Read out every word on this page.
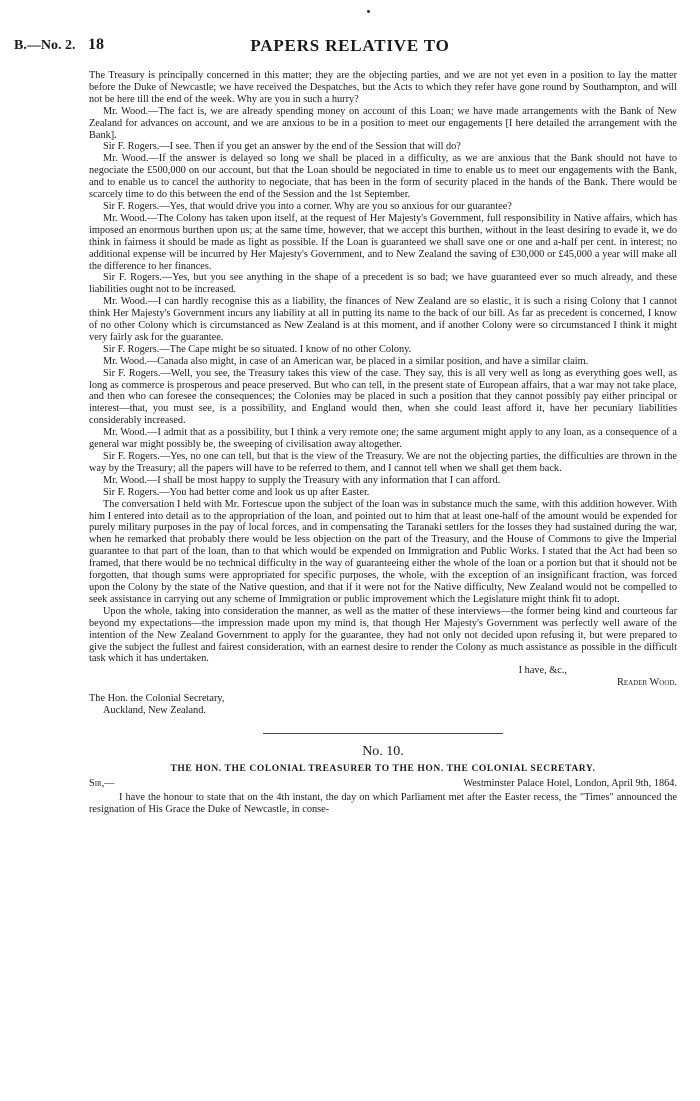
B.—No. 2. 18	PAPERS RELATIVE TO

The Treasury is principally concerned in this matter; they are the objecting parties, and we are not yet even in a position to lay the matter before the Duke of Newcastle; we have received the Despatches, but the Acts to which they refer have gone round by Southampton, and will not be here till the end of the week. Why are you in such a hurry?

Mr. Wood.—The fact is, we are already spending money on account of this Loan; we have made arrangements with the Bank of New Zealand for advances on account, and we are anxious to be in a position to meet our engagements [I here detailed the arrangement with the Bank].

Sir F. Rogers.—I see. Then if you get an answer by the end of the Session that will do?

Mr. Wood.—If the answer is delayed so long we shall be placed in a difficulty, as we are anxious that the Bank should not have to negociate the £500,000 on our account, but that the Loan should be negociated in time to enable us to meet our engagements with the Bank, and to enable us to cancel the authority to negociate, that has been in the form of security placed in the hands of the Bank. There would be scarcely time to do this between the end of the Session and the 1st September.

Sir F. Rogers.—Yes, that would drive you into a corner. Why are you so anxious for our guarantee?

Mr. Wood.—The Colony has taken upon itself, at the request of Her Majesty's Government, full responsibility in Native affairs, which has imposed an enormous burthen upon us; at the same time, however, that we accept this burthen, without in the least desiring to evade it, we do think in fairness it should be made as light as possible. If the Loan is guaranteed we shall save one or one and a-half per cent. in interest; no additional expense will be incurred by Her Majesty's Government, and to New Zealand the saving of £30,000 or £45,000 a year will make all the difference to her finances.

Sir F. Rogers.—Yes, but you see anything in the shape of a precedent is so bad; we have guaranteed ever so much already, and these liabilities ought not to be increased.

Mr. Wood.—I can hardly recognise this as a liability, the finances of New Zealand are so elastic, it is such a rising Colony that I cannot think Her Majesty's Government incurs any liability at all in putting its name to the back of our bill. As far as precedent is concerned, I know of no other Colony which is circumstanced as New Zealand is at this moment, and if another Colony were so circumstanced I think it might very fairly ask for the guarantee.

Sir F. Rogers.—The Cape might be so situated. I know of no other Colony.

Mr. Wood.—Canada also might, in case of an American war, be placed in a similar position, and have a similar claim.

Sir F. Rogers.—Well, you see, the Treasury takes this view of the case. They say, this is all very well as long as everything goes well, as long as commerce is prosperous and peace preserved. But who can tell, in the present state of European affairs, that a war may not take place, and then who can foresee the consequences; the Colonies may be placed in such a position that they cannot possibly pay either principal or interest—that, you must see, is a possibility, and England would then, when she could least afford it, have her pecuniary liabilities considerably increased.

Mr. Wood.—I admit that as a possibility, but I think a very remote one; the same argument might apply to any loan, as a consequence of a general war might possibly be, the sweeping of civilisation away altogether.

Sir F. Rogers.—Yes, no one can tell, but that is the view of the Treasury. We are not the objecting parties, the difficulties are thrown in the way by the Treasury; all the papers will have to be referred to them, and I cannot tell when we shall get them back.

Mr. Wood.—I shall be most happy to supply the Treasury with any information that I can afford.

Sir F. Rogers.—You had better come and look us up after Easter.

The conversation I held with Mr. Fortescue upon the subject of the loan was in substance much the same, with this addition however. With him I entered into detail as to the appropriation of the loan, and pointed out to him that at least one-half of the amount would be expended for purely military purposes in the pay of local forces, and in compensating the Taranaki settlers for the losses they had sustained during the war, when he remarked that probably there would be less objection on the part of the Treasury, and the House of Commons to give the Imperial guarantee to that part of the loan, than to that which would be expended on Immigration and Public Works. I stated that the Act had been so framed, that there would be no technical difficulty in the way of guaranteeing either the whole of the loan or a portion but that it should not be forgotten, that though sums were appropriated for specific purposes, the whole, with the exception of an insignificant fraction, was forced upon the Colony by the state of the Native question, and that if it were not for the Native difficulty, New Zealand would not be compelled to seek assistance in carrying out any scheme of Immigration or public improvement which the Legislature might think fit to adopt.

Upon the whole, taking into consideration the manner, as well as the matter of these interviews—the former being kind and courteous far beyond my expectations—the impression made upon my mind is, that though Her Majesty's Government was perfectly well aware of the intention of the New Zealand Government to apply for the guarantee, they had not only not decided upon refusing it, but were prepared to give the subject the fullest and fairest consideration, with an earnest desire to render the Colony as much assistance as possible in the difficult task which it has undertaken.

I have, &c.,

Reader Wood.

The Hon. the Colonial Secretary,

Auckland, New Zealand.

No. 10.
THE HON. THE COLONIAL TREASURER TO THE HON. THE COLONIAL SECRETARY.
Sir,—	Westminster Palace Hotel, London, April 9th, 1864.

I have the honour to state that on the 4th instant, the day on which Parliament met after the Easter recess, the "Times" announced the resignation of His Grace the Duke of Newcastle, in conse-
